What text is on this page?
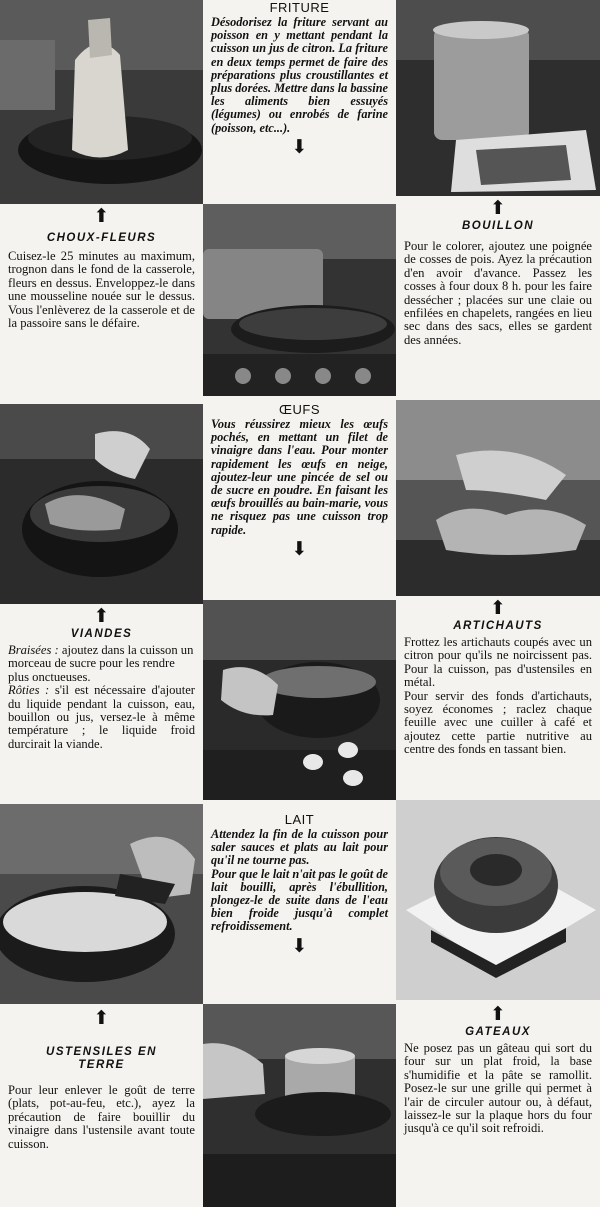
FRITURE

Désodorisez la friture servant au poisson en y mettant pendant la cuisson un jus de citron. La friture en deux temps permet de faire des préparations plus croustillantes et plus dorées. Mettre dans la bassine les aliments bien essuyés (légumes) ou enrobés de farine (poisson, etc...).

⬇
⬆
CHOUX-FLEURS

Cuisez-le 25 minutes au maximum, trognon dans le fond de la casserole, fleurs en dessus. Enveloppez-le dans une mousseline nouée sur le dessus. Vous l'enlèverez de la casserole et de la passoire sans le défaire.

⬆
BOUILLON

Pour le colorer, ajoutez une poignée de cosses de pois. Ayez la précaution d'en avoir d'avance. Passez les cosses à four doux 8 h. pour les faire dessécher ; placées sur une claie ou enfilées en chapelets, rangées en lieu sec dans des sacs, elles se gardent des années.

ŒUFS

Vous réussirez mieux les œufs pochés, en mettant un filet de vinaigre dans l'eau. Pour monter rapidement les œufs en neige, ajoutez-leur une pincée de sel ou de sucre en poudre. En faisant les œufs brouillés au bain-marie, vous ne risquez pas une cuisson trop rapide.

⬇
⬆
VIANDES

Braisées : ajoutez dans la cuisson un morceau de sucre pour les rendre plus onctueuses.

Rôties : s'il est nécessaire d'ajouter du liquide pendant la cuisson, eau, bouillon ou jus, versez-le à même température ; le liquide froid durcirait la viande.

⬆
ARTICHAUTS

Frottez les artichauts coupés avec un citron pour qu'ils ne noircissent pas. Pour la cuisson, pas d'ustensiles en métal.

Pour servir des fonds d'artichauts, soyez économes ; raclez chaque feuille avec une cuiller à café et ajoutez cette partie nutritive au centre des fonds en tassant bien.

LAIT

Attendez la fin de la cuisson pour saler sauces et plats au lait pour qu'il ne tourne pas.

Pour que le lait n'ait pas le goût de lait bouilli, après l'ébullition, plongez-le de suite dans de l'eau bien froide jusqu'à complet refroidissement.

⬇
⬆
USTENSILES EN TERRE

Pour leur enlever le goût de terre (plats, pot-au-feu, etc.), ayez la précaution de faire bouillir du vinaigre dans l'ustensile avant toute cuisson.

⬆
GATEAUX

Ne posez pas un gâteau qui sort du four sur un plat froid, la base s'humidifie et la pâte se ramollit. Posez-le sur une grille qui permet à l'air de circuler autour ou, à défaut, laissez-le sur la plaque hors du four jusqu'à ce qu'il soit refroidi.
